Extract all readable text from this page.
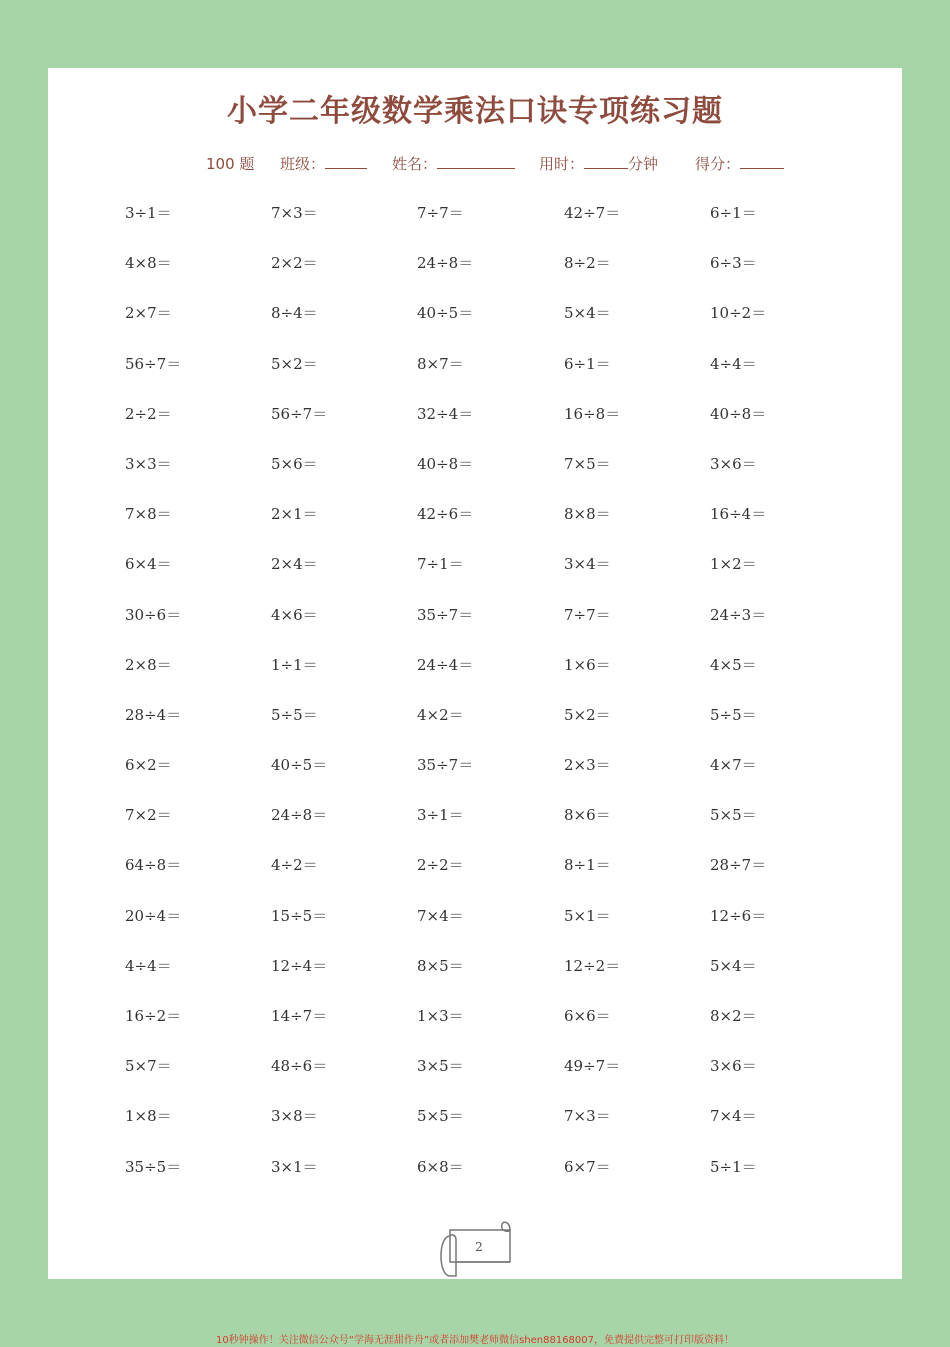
小学二年级数学乘法口诀专项练习题
100 题 班级：	姓名：	用时：	分钟 得分：
3÷1＝	7×3＝	7÷7＝	42÷7＝	6÷1＝
4×8＝	2×2＝	24÷8＝	8÷2＝	6÷3＝
2×7＝	8÷4＝	40÷5＝	5×4＝	10÷2＝
56÷7＝	5×2＝	8×7＝	6÷1＝	4÷4＝
2÷2＝	56÷7＝	32÷4＝	16÷8＝	40÷8＝
3×3＝	5×6＝	40÷8＝	7×5＝	3×6＝
7×8＝	2×1＝	42÷6＝	8×8＝	16÷4＝
6×4＝	2×4＝	7÷1＝	3×4＝	1×2＝
30÷6＝	4×6＝	35÷7＝	7÷7＝	24÷3＝
2×8＝	1÷1＝	24÷4＝	1×6＝	4×5＝
28÷4＝	5÷5＝	4×2＝	5×2＝	5÷5＝
6×2＝	40÷5＝	35÷7＝	2×3＝	4×7＝
7×2＝	24÷8＝	3÷1＝	8×6＝	5×5＝
64÷8＝	4÷2＝	2÷2＝	8÷1＝	28÷7＝
20÷4＝	15÷5＝	7×4＝	5×1＝	12÷6＝
4÷4＝	12÷4＝	8×5＝	12÷2＝	5×4＝
16÷2＝	14÷7＝	1×3＝	6×6＝	8×2＝
5×7＝	48÷6＝	3×5＝	49÷7＝	3×6＝
1×8＝	3×8＝	5×5＝	7×3＝	7×4＝
35÷5＝	3×1＝	6×8＝	6×7＝	5÷1＝
2
10秒钟操作！关注微信公众号“学海无涯甜作舟”或者添加樊老师微信shen88168007，免费提供完整可打印版资料！
